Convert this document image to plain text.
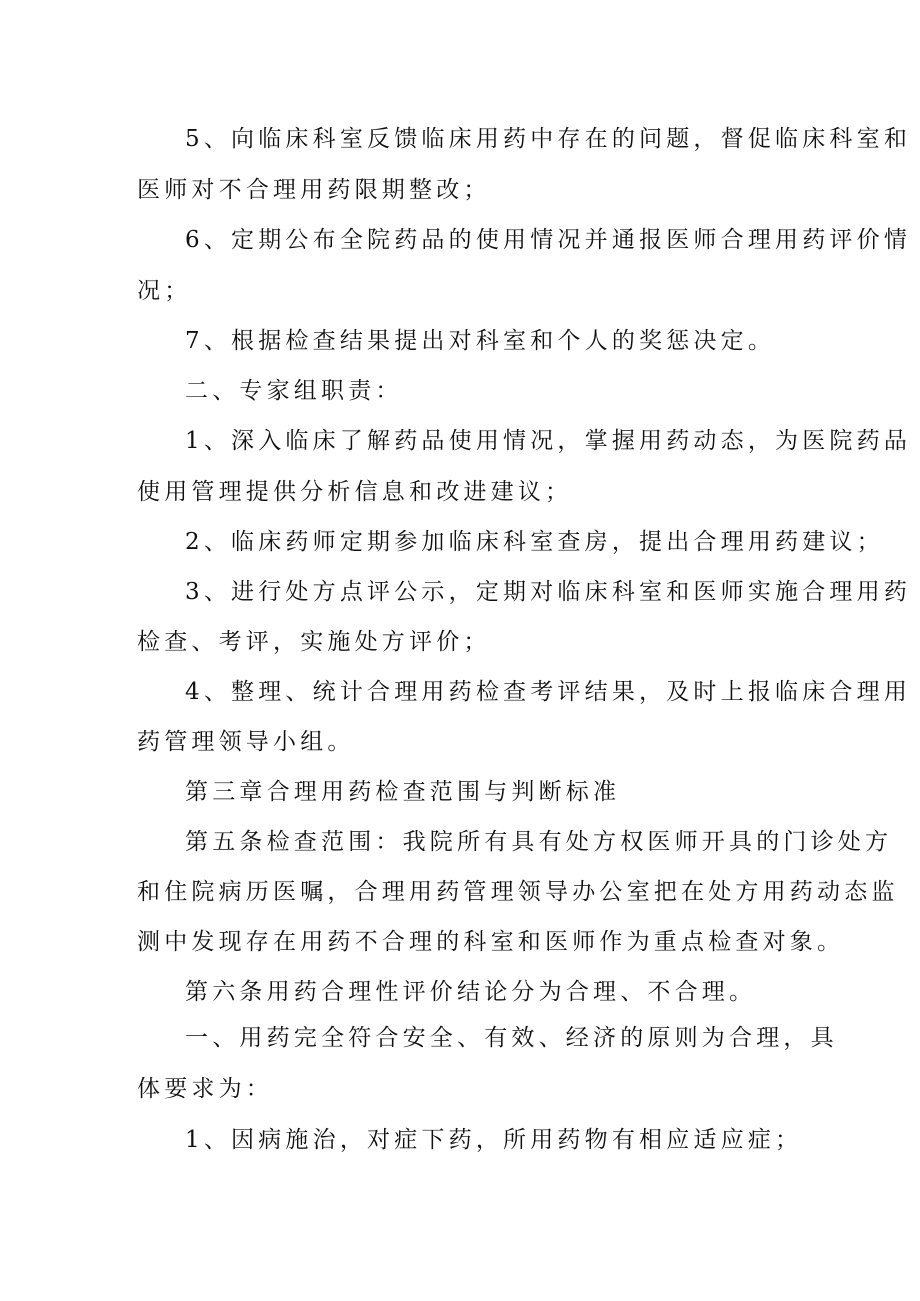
5、向临床科室反馈临床用药中存在的问题，督促临床科室和
医师对不合理用药限期整改；
6、定期公布全院药品的使用情况并通报医师合理用药评价情
况；
7、根据检查结果提出对科室和个人的奖惩决定。
二、专家组职责：
1、深入临床了解药品使用情况，掌握用药动态，为医院药品
使用管理提供分析信息和改进建议；
2、临床药师定期参加临床科室查房，提出合理用药建议；
3、进行处方点评公示，定期对临床科室和医师实施合理用药
检查、考评，实施处方评价；
4、整理、统计合理用药检查考评结果，及时上报临床合理用
药管理领导小组。
第三章合理用药检查范围与判断标准
第五条检查范围：我院所有具有处方权医师开具的门诊处方
和住院病历医嘱，合理用药管理领导办公室把在处方用药动态监
测中发现存在用药不合理的科室和医师作为重点检查对象。
第六条用药合理性评价结论分为合理、不合理。
一、用药完全符合安全、有效、经济的原则为合理，具
体要求为：
1、因病施治，对症下药，所用药物有相应适应症；
